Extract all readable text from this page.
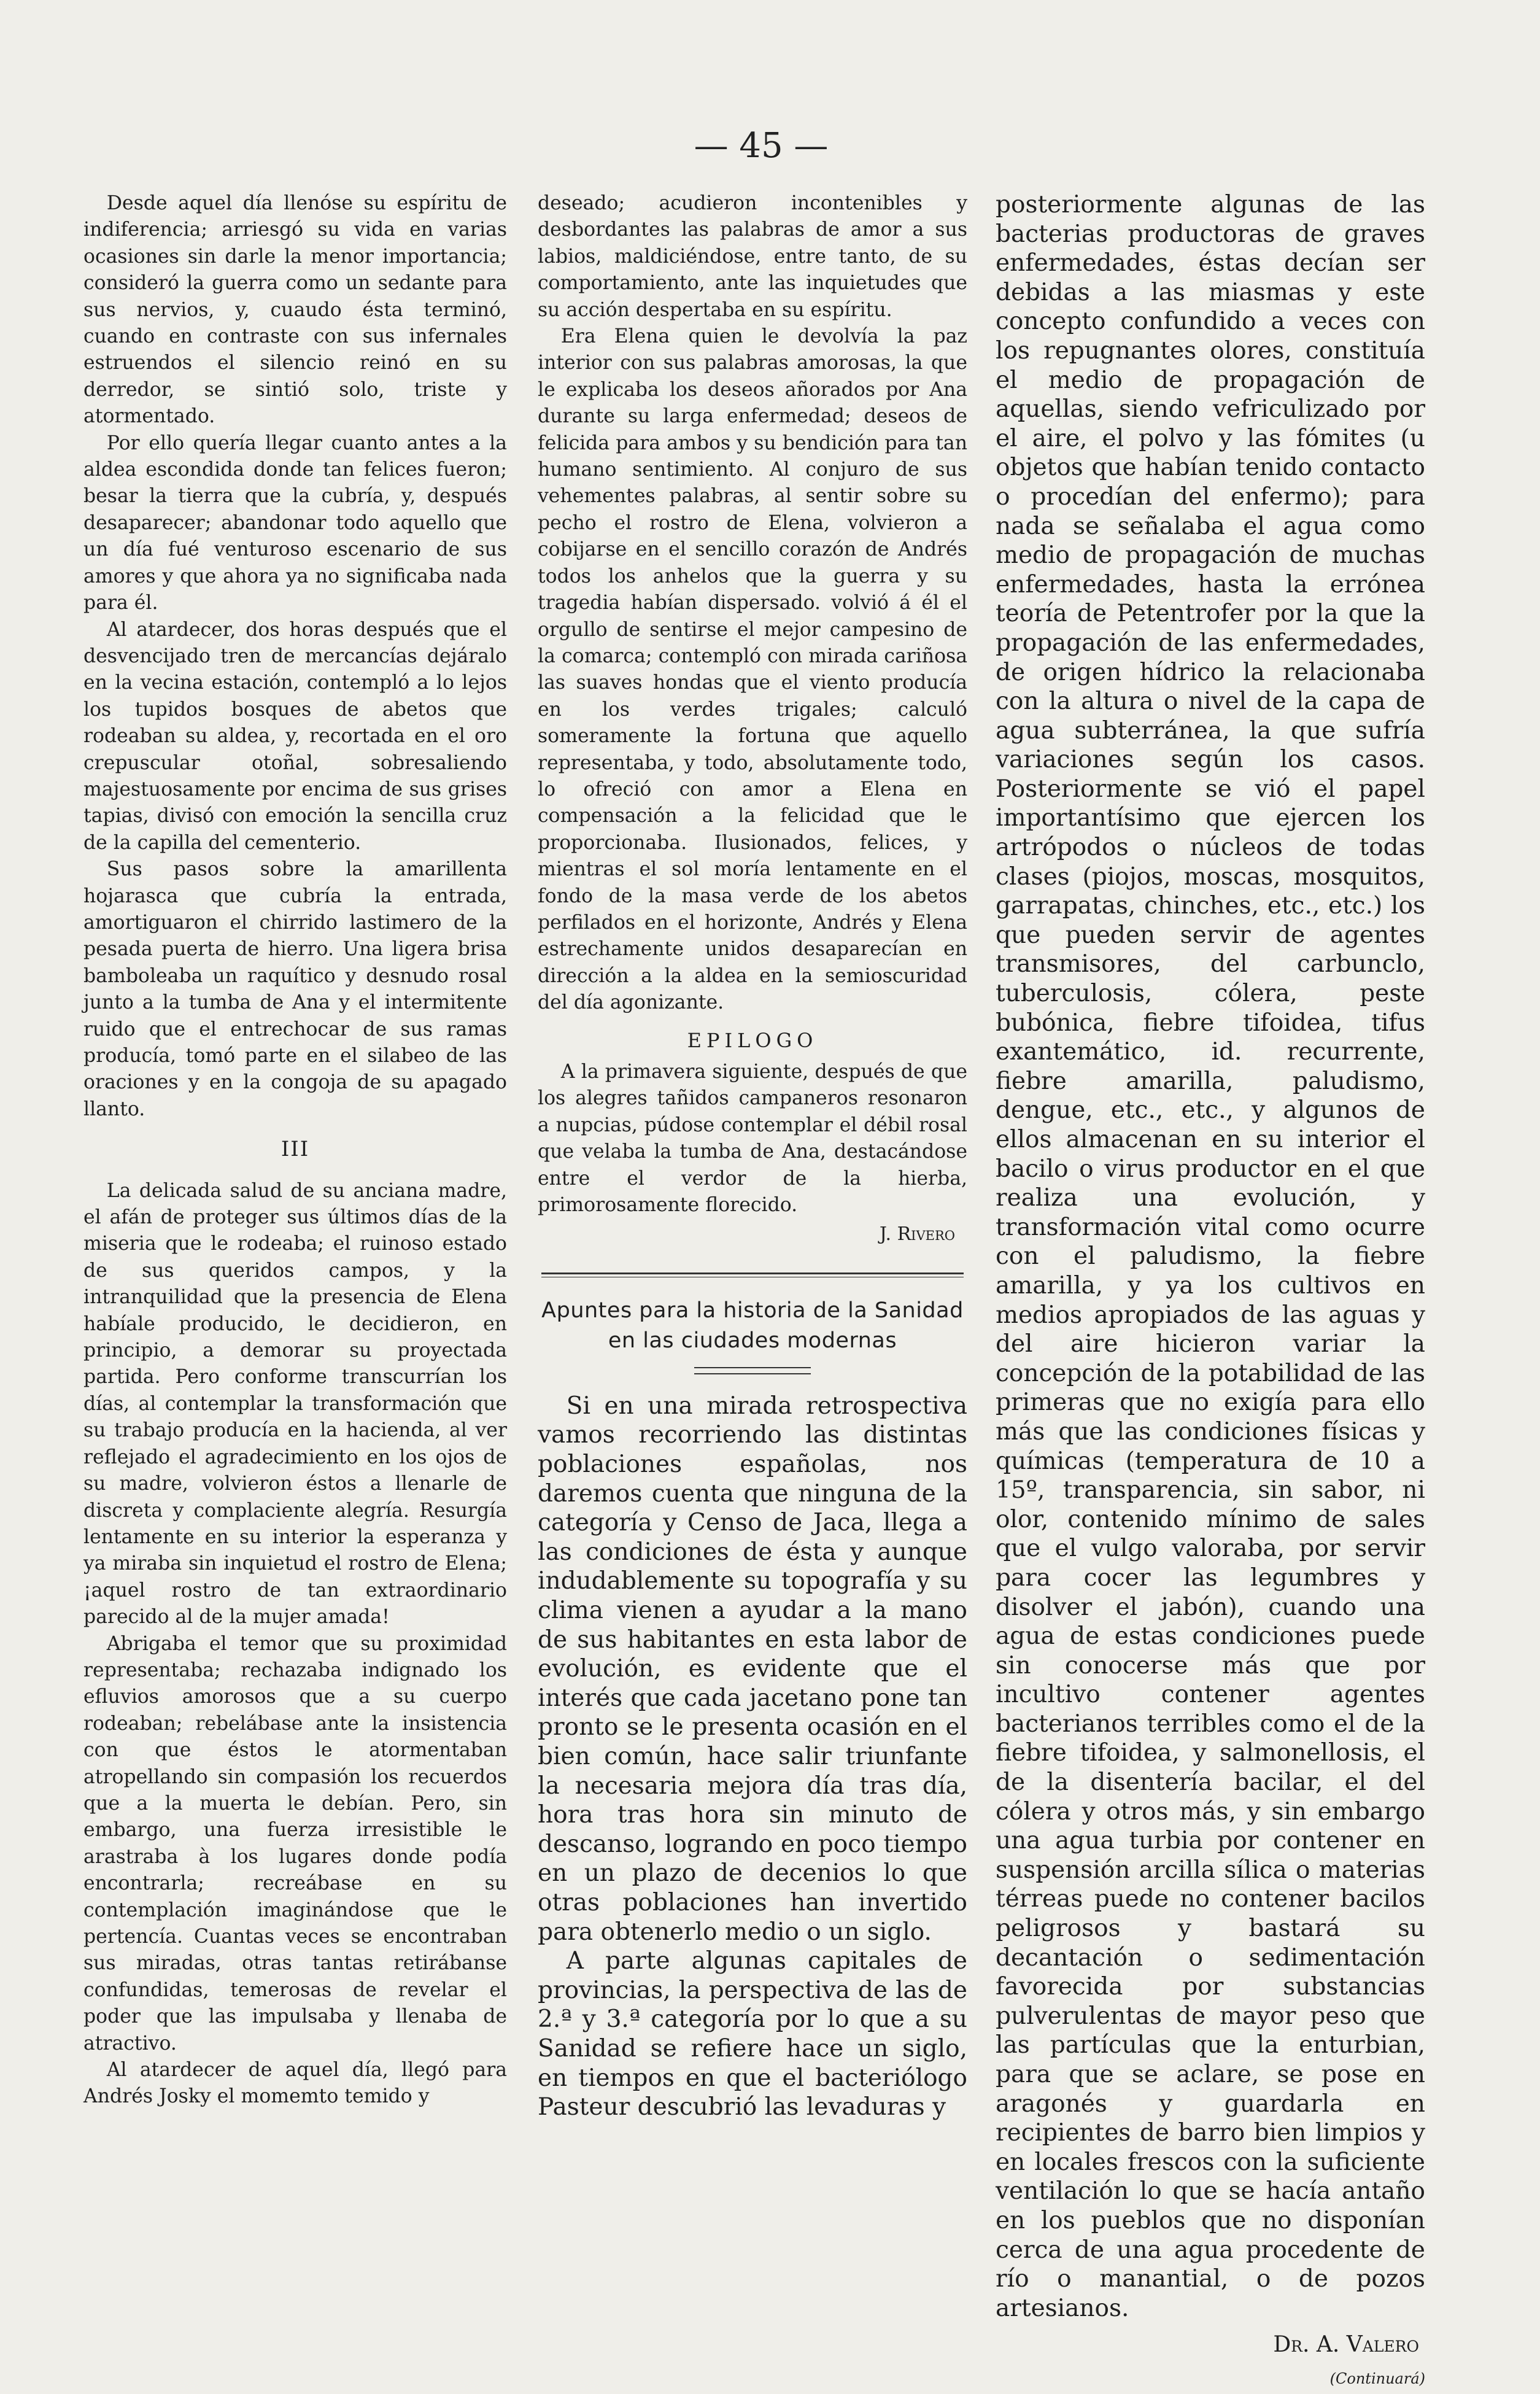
— 45 —

Desde aquel día llenóse su espíritu de indiferencia; arriesgó su vida en varias ocasiones sin darle la menor importancia; consideró la guerra como un sedante para sus nervios, y, cuaudo ésta terminó, cuando en contraste con sus infernales estruendos el silencio reinó en su derredor, se sintió solo, triste y atormentado.

Por ello quería llegar cuanto antes a la aldea escondida donde tan felices fueron; besar la tierra que la cubría, y, después desaparecer; abandonar todo aquello que un día fué venturoso escenario de sus amores y que ahora ya no significaba nada para él.

Al atardecer, dos horas después que el desvencijado tren de mercancías dejáralo en la vecina estación, contempló a lo lejos los tupidos bosques de abetos que rodeaban su aldea, y, recortada en el oro crepuscular otoñal, sobresaliendo majestuosamente por encima de sus grises tapias, divisó con emoción la sencilla cruz de la capilla del cementerio.

Sus pasos sobre la amarillenta hojarasca que cubría la entrada, amortiguaron el chirrido lastimero de la pesada puerta de hierro. Una ligera brisa bamboleaba un raquítico y desnudo rosal junto a la tumba de Ana y el intermitente ruido que el entrechocar de sus ramas producía, tomó parte en el silabeo de las oraciones y en la congoja de su apagado llanto.

III

La delicada salud de su anciana madre, el afán de proteger sus últimos días de la miseria que le rodeaba; el ruinoso estado de sus queridos campos, y la intranquilidad que la presencia de Elena habíale producido, le decidieron, en principio, a demorar su proyectada partida. Pero conforme transcurrían los días, al contemplar la transformación que su trabajo producía en la hacienda, al ver reflejado el agradecimiento en los ojos de su madre, volvieron éstos a llenarle de discreta y complaciente alegría. Resurgía lentamente en su interior la esperanza y ya miraba sin inquietud el rostro de Elena; ¡aquel rostro de tan extraordinario parecido al de la mujer amada!

Abrigaba el temor que su proximidad representaba; rechazaba indignado los efluvios amorosos que a su cuerpo rodeaban; rebelábase ante la insistencia con que éstos le atormentaban atropellando sin compasión los recuerdos que a la muerta le debían. Pero, sin embargo, una fuerza irresistible le arastraba à los lugares donde podía encontrarla; recreábase en su contemplación imaginándose que le pertencía. Cuantas veces se encontraban sus miradas, otras tantas retirábanse confundidas, temerosas de revelar el poder que las impulsaba y llenaba de atractivo.

Al atardecer de aquel día, llegó para Andrés Josky el momemto temido y

deseado; acudieron incontenibles y desbordantes las palabras de amor a sus labios, maldiciéndose, entre tanto, de su comportamiento, ante las inquietudes que su acción despertaba en su espíritu.

Era Elena quien le devolvía la paz interior con sus palabras amorosas, la que le explicaba los deseos añorados por Ana durante su larga enfermedad; deseos de felicida para ambos y su bendición para tan humano sentimiento. Al conjuro de sus vehementes palabras, al sentir sobre su pecho el rostro de Elena, volvieron a cobijarse en el sencillo corazón de Andrés todos los anhelos que la guerra y su tragedia habían dispersado. volvió á él el orgullo de sentirse el mejor campesino de la comarca; contempló con mirada cariñosa las suaves hondas que el viento producía en los verdes trigales; calculó someramente la fortuna que aquello representaba, y todo, absolutamente todo, lo ofreció con amor a Elena en compensación a la felicidad que le proporcionaba. Ilusionados, felices, y mientras el sol moría lentamente en el fondo de la masa verde de los abetos perfilados en el horizonte, Andrés y Elena estrechamente unidos desaparecían en dirección a la aldea en la semioscuridad del día agonizante.

EPILOGO

A la primavera siguiente, después de que los alegres tañidos campaneros resonaron a nupcias, púdose contemplar el débil rosal que velaba la tumba de Ana, destacándose entre el verdor de la hierba, primorosamente florecido.

J. Rivero
Apuntes para la historia de la Sanidad en las ciudades modernas

Si en una mirada retrospectiva vamos recorriendo las distintas poblaciones españolas, nos daremos cuenta que ninguna de la categoría y Censo de Jaca, llega a las condiciones de ésta y aunque indudablemente su topografía y su clima vienen a ayudar a la mano de sus habitantes en esta labor de evolución, es evidente que el interés que cada jacetano pone tan pronto se le presenta ocasión en el bien común, hace salir triunfante la necesaria mejora día tras día, hora tras hora sin minuto de descanso, logrando en poco tiempo en un plazo de decenios lo que otras poblaciones han invertido para obtenerlo medio o un siglo.

A parte algunas capitales de provincias, la perspectiva de las de 2.ª y 3.ª categoría por lo que a su Sanidad se refiere hace un siglo, en tiempos en que el bacteriólogo Pasteur descubrió las levaduras y

posteriormente algunas de las bacterias productoras de graves enfermedades, éstas decían ser debidas a las miasmas y este concepto confundido a veces con los repugnantes olores, constituía el medio de propagación de aquellas, siendo vefriculizado por el aire, el polvo y las fómites (u objetos que habían tenido contacto o procedían del enfermo); para nada se señalaba el agua como medio de propagación de muchas enfermedades, hasta la errónea teoría de Petentrofer por la que la propagación de las enfermedades, de origen hídrico la relacionaba con la altura o nivel de la capa de agua subterránea, la que sufría variaciones según los casos. Posteriormente se vió el papel importantísimo que ejercen los artrópodos o núcleos de todas clases (piojos, moscas, mosquitos, garrapatas, chinches, etc., etc.) los que pueden servir de agentes transmisores, del carbunclo, tuberculosis, cólera, peste bubónica, fiebre tifoidea, tifus exantemático, id. recurrente, fiebre amarilla, paludismo, dengue, etc., etc., y algunos de ellos almacenan en su interior el bacilo o virus productor en el que realiza una evolución, y transformación vital como ocurre con el paludismo, la fiebre amarilla, y ya los cultivos en medios apropiados de las aguas y del aire hicieron variar la concepción de la potabilidad de las primeras que no exigía para ello más que las condiciones físicas y químicas (temperatura de 10 a 15º, transparencia, sin sabor, ni olor, contenido mínimo de sales que el vulgo valoraba, por servir para cocer las legumbres y disolver el jabón), cuando una agua de estas condiciones puede sin conocerse más que por incultivo contener agentes bacterianos terribles como el de la fiebre tifoidea, y salmonellosis, el de la disentería bacilar, el del cólera y otros más, y sin embargo una agua turbia por contener en suspensión arcilla sílica o materias térreas puede no contener bacilos peligrosos y bastará su decantación o sedimentación favorecida por substancias pulverulentas de mayor peso que las partículas que la enturbian, para que se aclare, se pose en aragonés y guardarla en recipientes de barro bien limpios y en locales frescos con la suficiente ventilación lo que se hacía antaño en los pueblos que no disponían cerca de una agua procedente de río o manantial, o de pozos artesianos.

Dr. A. Valero
(Continuará)
